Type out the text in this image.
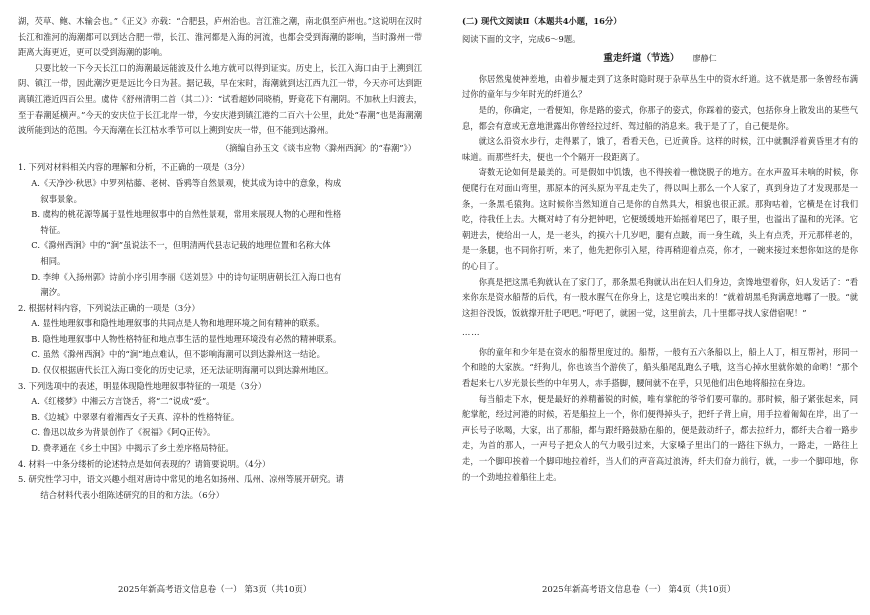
湖，芡草、鲍、木输会也。”《正义》亦载：“合肥县，庐州治也。言江淮之潮，南北俱至庐州也。”这说明在汉时长江和淮河的海潮都可以到达合肥一带，长江、淮河都是入海的河流，也都会受到海潮的影响，当时滁州一带距离大海更近，更可以受到海潮的影响。

只要比较一下今天长江口的海潮最远能波及什么地方就可以得到证实。历史上，长江入海口由于上溯到江阴、镇江一带，因此潮汐更是远比今日为甚。据记载，早在宋时，海潮就到达江西九江一带，今天亦可达到距离镇江港近四百公里。虞侍《舒州清明二首（其二）》：“试看超妙同晓梢，野竟花下有潮阴。不加秋上归渡去，至于春潮延横声。”今天的安庆位于长江北岸一带，今安庆港到镇江港约二百六十公里，此处“春潮”也是海潮潮波所能到达的范围。今天海潮在长江枯水季节可以上溯到安庆一带，但不能到达滁州。

（摘编自孙玉文《谈韦应物〈滁州西涧〉的“春潮”》）

1. 下列对材料相关内容的理解和分析，不正确的一项是（3分）

A.《天净沙·秋思》中罗列枯藤、老树、昏鸦等自然景观，使其成为诗中的意象，构成

叙事景象。

B. 虞构的桃花源等属于显性地理叙事中的自然性景观，常用来展现人物的心理和性格

特征。

C.《滁州西涧》中的“涧”虽说法不一，但明清两代县志记载的地理位置和名称大体

相同。

D. 李绅《入扬州郭》诗前小序引用李丽《送刘昱》中的诗句证明唐朝长江入海口也有

潮汐。

2. 根据材料内容，下列说法正确的一项是（3分）

A. 显性地理叙事和隐性地理叙事的共同点是人物和地理环境之间有精神的联系。

B. 隐性地理叙事中人物性格特征和地点事生活的显性地理环境没有必然的精神联系。

C. 虽然《滁州西涧》中的“涧”地点难认，但不影响海潮可以到达滁州这一结论。

D. 仅仅根据唐代长江入海口变化的历史记录，还无法证明海潮可以到达滁州地区。

3. 下列选项中的表述，明显体现隐性地理叙事特征的一项是（3分）

A.《红楼梦》中湘云方言饶舌，将“二”说成“爱”。

B.《边城》中翠翠有着湘西女子天真、淳朴的性格特征。

C. 鲁迅以故乡为背景创作了《祝福》《阿Q正传》。

D. 费孝通在《乡土中国》中揭示了乡土差序格局特征。

4. 材料一中条分缕析的论述特点是如何表现的？请简要说明。（4分）

5. 研究性学习中，语文兴趣小组对唐诗中常见的地名如扬州、瓜州、凉州等展开研究。请

结合材料代表小组陈述研究的目的和方法。（6分）

(二) 现代文阅读Ⅱ（本题共4小题，16分）

阅读下面的文字，完成6～9题。

重走纤道（节选） 廖静仁

你居然鬼使神差地，由着步履走到了这条时隐时现于杂草丛生中的资水纤道。这不就是那一条曾经布满过你的童年与少年时光的纤道么？

是的，你确定，一看便知，你是路的姿式，你那子的姿式，你踩着的姿式，包括你身上散发出的某些气息，都会有意或无意地泄露出你曾经拉过纤、驾过船的消息来。我于是了了，自己便是你。

就这么沿资水步行，走得累了，饿了，看看天色，已近黄昏。这样的时候，江中就飘浮着黄昏里才有的味道。而那些纤夫，便也一个个隔开一段距离了。

寄数无论如何是最美的。可是假如中饥饿，也不得挨着一樵饶脱子的地方。在水声盈耳未响的时候，你便爬行在对面山弯里，那原本的河头原为平乱走失了，得以叫上那么一个人家了，真到身边了才发现那是一条，一条黑毛猿狗。这时候你当然知道自己是你的自然具大，相貌也很正派。那狗咕着，它横是在讨我们吃，待我任上去。大概对峙了有分把钟吧，它便缓缓地开始摇着尾巴了，眼子里，也溢出了温和的光泽。它朝进去，使给出一人，是一老头，约摸六十几岁吧，腿有点跛，而一身生疏，头上有点秃，开元那样老的，是一条腿，也不同你打听，来了，他先把你引入屋，待再稍迎着点亮，你才，一碗来接过来想你如这的是你的心目了。

你真是把这黑毛狗就认在了家门了，那条黑毛狗就认出在妇人们身边，贪馋地望着你，妇人发话了：“看来你东是资水船帮的后代，有一股水腥气在你身上，这是它嗅出来的！”就着胡黑毛狗满意地嘟了一股。“就这担谷没饭，饭就撑开肚子吧吧。”吁吧了，就困一觉，这里前去，几十里都寻找人家借宿呢！”

……

你的童年和少年是在资水的船帮里度过的。船帮，一般有五六条船以上，船上人丁，相互帮衬，形同一个和睦的大家族。“纤狗儿，你也该当个游侠了，船头船尾乱跑么子哦，这当心掉水里就你娘的命哟！”那个看起来七八岁光景长些的中年男人，赤手搭脚，腰间就不在乎，只见他们出色地将船拉在身边。

每当船走下水，便是最好的养精蓄锐的时候，唯有掌舵的爷爷们要可靠的。那时候，船子紧张起来，同舵掌舵，经过河港的时候，若是船拉上一个，你们便得掉头子，把纤子背上肩，用手拉着匍匐在岸，出了一声长号子吆喝，大家，出了那船，都与跟纤路鼓励在船的，便是鼓动纤子，都去拉纤力，都纤夫合着一路步走，为首的那人，一声号子把众人的气力吸引过来，大家嗓子里出门的一路往下纵力，一路走，一路往上走，一个脚印挨着一个脚印地拉着纤，当人们的声音高过浪涛，纤夫们奋力前行，就，一步一个脚印地，你的一个劲地拉着船往上走。

2025年新高考语文信息卷（一） 第3页（共10页）	2025年新高考语文信息卷（一） 第4页（共10页）
